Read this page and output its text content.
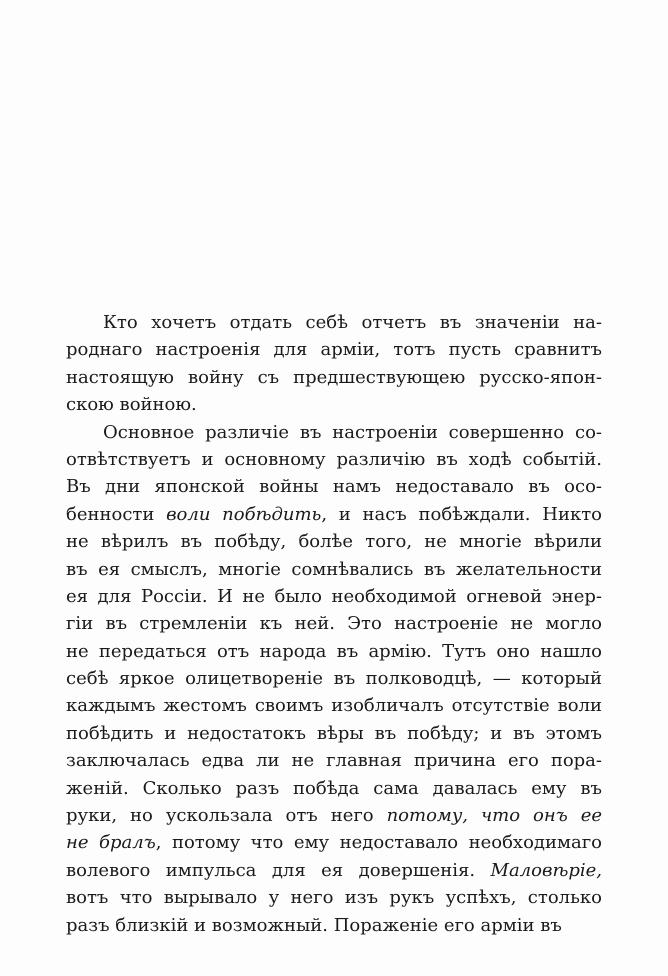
Кто хочетъ отдать себѣ отчетъ въ значенiи на-
роднаго настроенiя для армiи, тотъ пусть сравнитъ
настоящую войну съ предшествующею русско-япон-
скою войною.
Основное различiе въ настроенiи совершенно со-
отвѣтствуетъ и основному различiю въ ходѣ событiй.
Въ дни японской войны намъ недоставало въ осо-
бенности воли побѣдить, и насъ побѣждали. Никто
не вѣрилъ въ побѣду, болѣе того, не многiе вѣрили
въ ея смыслъ, многiе сомнѣвались въ желательности
ея для Россiи. И не было необходимой огневой энер-
гiи въ стремленiи къ ней. Это настроенiе не могло
не передаться отъ народа въ армiю. Тутъ оно нашло
себѣ яркое олицетворенiе въ полководцѣ, — который
каждымъ жестомъ своимъ изобличалъ отсутствiе воли
побѣдить и недостатокъ вѣры въ побѣду; и въ этомъ
заключалась едва ли не главная причина его пора-
женiй. Сколько разъ побѣда сама давалась ему въ
руки, но ускользала отъ него потому, что онъ ее
не бралъ, потому что ему недоставало необходимаго
волевого импульса для ея довершенiя. Маловѣрiе,
вотъ что вырывало у него изъ рукъ успѣхъ, столько
разъ близкiй и возможный. Пораженiе его армiи въ
